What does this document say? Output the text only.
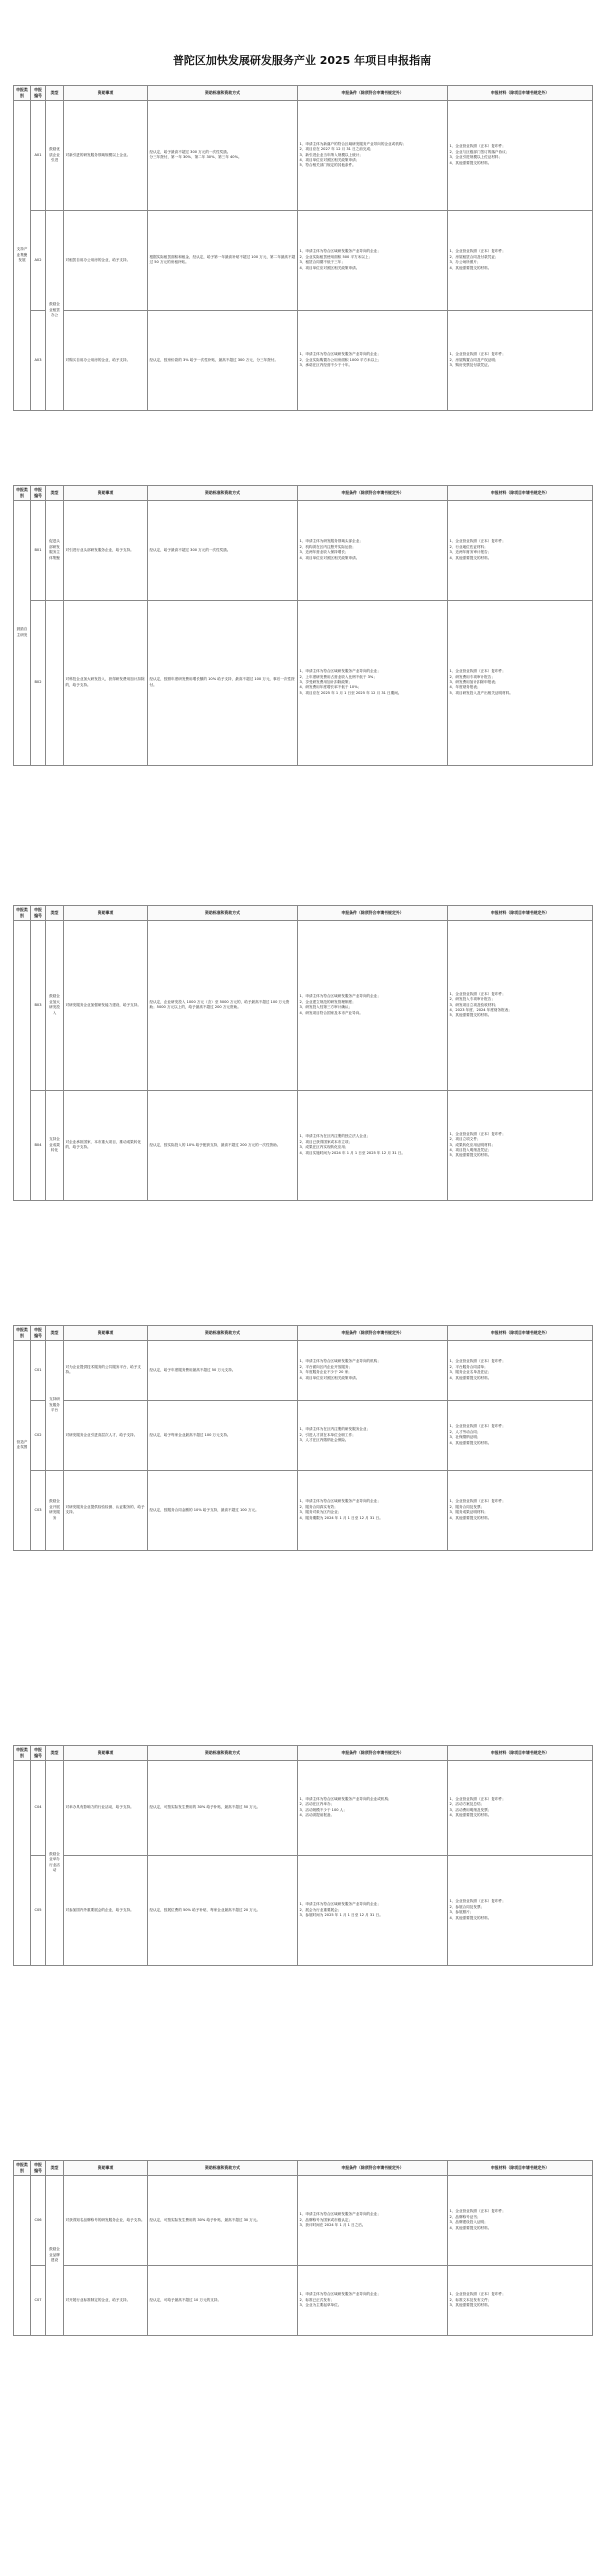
普陀区加快发展研发服务产业 2025 年项目申报指南
申报类别	申报编号	类型	资助事项	资助标准和资助方式	申报条件（除须符合申请书规定外）	申报材料（除项目申请书规定外）
支持产业集聚发展	A01	鼓励优质企业引进	对新引进的研发服务领域规模以上企业。	经认定，给予最高不超过 300 万元的一次性奖励。
分三年拨付，第一年 30%、第二年 30%、第三年 40%。	1、申请主体为新落户的符合区域研发服务产业导向的企业或机构；
2、项目应在 2027 年 12 月 31 日之前完成；
3、新引进企业当年纳入规模以上统计；
4、项目单位应对照区相关政策申请；
5、符合相关部门规定的其他条件。	1、企业营业执照（正本）复印件；
2、企业与区级部门签订的落户协议；
3、企业引进规模以上佐证材料；
4、其他需要提交的材料。
	A02	鼓励企业租赁办公	对租赁自用办公用房的企业，给予支持。	根据实际租赁面积和租金，经认定，给予第一年最高补贴不超过 100 万元、第二年最高不超过 50 万元的房租补贴。	1、申请主体为符合区域研发服务产业导向的企业；
2、企业实际租赁使用面积 500 平方米以上；
3、租赁合同期不低于三年；
4、项目单位应对照区相关政策申请。	1、企业营业执照（正本）复印件；
2、房屋租赁合同及付款凭证；
3、办公场所照片；
4、其他需要提交的材料。
	A03		对购买自用办公用房的企业，给予支持。	经认定，按房价款的 3% 给予一次性补贴，最高不超过 300 万元，分三年拨付。	1、申请主体为符合区域研发服务产业导向的企业；
2、企业实际购置办公用房面积 1000 平方米以上；
3、承诺在区内经营不少于十年。	1、企业营业执照（正本）复印件；
2、房屋购置合同及产权证明；
3、购房发票及付款凭证。
申报类别	申报编号	类型	资助事项	资助标准和资助方式	申报条件（除须符合申请书规定外）	申报材料（除项目申请书规定外）
鼓励自主研发	B01	促进头部研发服务主体集聚	对引进行业头部研发服务企业，给予支持。	经认定，给予最高不超过 300 万元的一次性奖励。	1、申请主体为研发服务领域头部企业；
2、机构须在区内注册并实际运营；
3、近两年营业收入保持增长；
4、项目单位应对照区相关政策申请。	1、企业营业执照（正本）复印件；
2、行业地位佐证材料；
3、近两年财务审计报告；
4、其他需要提交的材料。
	B02		对科技企业加大研发投入，获得研发费用加计扣除的，给予支持。	经认定，按照年度研发费用增长额的 10% 给予支持，最高不超过 100 万元，事后一次性拨付。	1、申请主体为符合区域研发服务产业导向的企业；
2、上年度研发费用占营业收入比例不低于 3%；
3、享受研发费用加计扣除政策；
4、研发费用年度增长率不低于 10%；
5、项目应在 2025 年 1 月 1 日至 2025 年 12 月 31 日期间。	1、企业营业执照（正本）复印件；
2、研发费用专项审计报告；
3、研发费用加计扣除申报表；
4、年度财务报表；
5、项目研发投入及产出相关证明材料。
申报类别	申报编号	类型	资助事项	资助标准和资助方式	申报条件（除须符合申请书规定外）	申报材料（除项目申请书规定外）
	B03	鼓励企业加大研发投入	对研发服务企业加强研发能力建设，给予支持。	经认定，企业研发投入 1000 万元（含）至 5000 万元的，给予最高不超过 100 万元资助；5000 万元以上的，给予最高不超过 200 万元资助。	1、申请主体为符合区域研发服务产业导向的企业；
2、企业建立规范的研发管理制度；
3、研发投入经第三方审计确认；
4、研发项目符合国家及本市产业导向。	1、企业营业执照（正本）复印件；
2、研发投入专项审计报告；
3、研发项目立项及验收材料；
4、2023 年度、2024 年度财务报表；
5、其他需要提交的材料。
	B04	支持企业成果转化	对企业承担国家、本市重大项目，推动成果转化的，给予支持。	经认定，按实际投入的 10% 给予配套支持，最高不超过 200 万元的一次性资助。	1、申请主体为在区内注册的独立法人企业；
2、项目已获得国家或本市立项；
3、成果在区内实现转化应用；
4、项目实施时间为 2024 年 1 月 1 日至 2025 年 12 月 31 日。	1、企业营业执照（正本）复印件；
2、项目立项文件；
3、成果转化应用证明材料；
4、项目投入明细及凭证；
5、其他需要提交的材料。
申报类别	申报编号	类型	资助事项	资助标准和资助方式	申报条件（除须符合申请书规定外）	申报材料（除项目申请书规定外）
营造产业氛围	C01	支持研发服务平台	对为企业提供技术服务的公共服务平台，给予支持。	经认定，给予年度服务费用最高不超过 50 万元支持。	1、申请主体为符合区域研发服务产业导向的机构；
2、平台面向区内企业开放服务；
3、年度服务企业不少于 20 家；
4、项目单位应对照区相关政策申请。	1、企业营业执照（正本）复印件；
2、平台服务合同清单；
3、服务企业名单及佐证；
4、其他需要提交的材料。
	C02		对研发服务企业引进高层次人才，给予支持。	经认定，给予每家企业最高不超过 100 万元支持。	1、申请主体为在区内注册的研发服务企业；
2、引进人才须在本单位全职工作；
3、人才在区内缴纳社会保险。	1、企业营业执照（正本）复印件；
2、人才劳动合同；
3、社保缴纳证明；
4、其他需要提交的材料。
	C03	鼓励企业开展研发服务	对研发服务企业提供检验检测、认证服务的，给予支持。	经认定，按服务合同金额的 10% 给予支持，最高不超过 100 万元。	1、申请主体为符合区域研发服务产业导向的企业；
2、服务合同真实有效；
3、服务对象为区内企业；
4、服务期限为 2024 年 1 月 1 日至 12 月 31 日。	1、企业营业执照（正本）复印件；
2、服务合同及发票；
3、服务成果证明材料；
4、其他需要提交的材料。
申报类别	申报编号	类型	资助事项	资助标准和资助方式	申报条件（除须符合申请书规定外）	申报材料（除项目申请书规定外）
	C04	鼓励企业举办行业活动	对举办具有影响力的行业活动，给予支持。	经认定，可按实际发生费用的 30% 给予补贴，最高不超过 50 万元。	1、申请主体为符合区域研发服务产业导向的企业或机构；
2、活动在区内举办；
3、活动规模不少于 100 人；
4、活动须提前报备。	1、企业营业执照（正本）复印件；
2、活动方案及总结；
3、活动费用明细及发票；
4、其他需要提交的材料。
	C05		对参加国内外重要展会的企业，给予支持。	经认定，按展位费的 50% 给予补贴，每家企业最高不超过 20 万元。	1、申请主体为符合区域研发服务产业导向的企业；
2、展会为行业重要展会；
3、参展时间为 2025 年 1 月 1 日至 12 月 31 日。	1、企业营业执照（正本）复印件；
2、参展合同及发票；
3、参展照片；
4、其他需要提交的材料。
申报类别	申报编号	类型	资助事项	资助标准和资助方式	申报条件（除须符合申请书规定外）	申报材料（除项目申请书规定外）
	C06	鼓励企业品牌建设	对获得知名品牌称号的研发服务企业，给予支持。	经认定，可按实际发生费用的 30% 给予补贴，最高不超过 30 万元。	1、申请主体为符合区域研发服务产业导向的企业；
2、品牌称号为国家或市级认定；
3、获评时间在 2024 年 1 月 1 日之后。	1、企业营业执照（正本）复印件；
2、品牌称号证书；
3、品牌建设投入证明；
4、其他需要提交的材料。
	C07		对开展行业标准制定的企业，给予支持。	经认定，可给予最高不超过 10 万元的支持。	1、申请主体为符合区域研发服务产业导向的企业；
2、标准已正式发布；
3、企业为主要起草单位。	1、企业营业执照（正本）复印件；
2、标准文本及发布文件；
3、其他需要提交的材料。
